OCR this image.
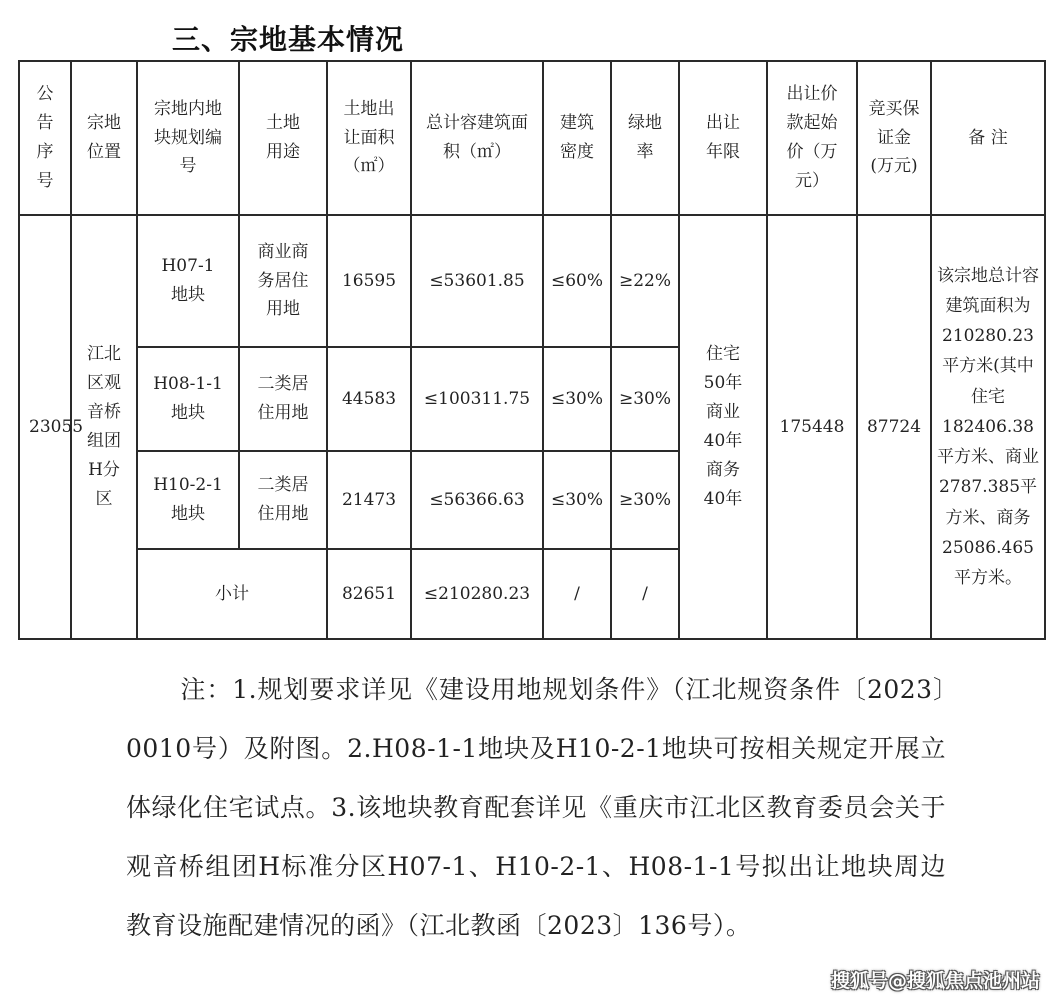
三、宗地基本情况
公告序号	宗地位置	宗地内地块规划编号	土地用途	土地出让面积（㎡）	总计容建筑面积（㎡）	建筑密度	绿地率	出让年限	出让价款起始价（万元）	竞买保证金(万元)	备 注
23055	江北区观音桥组团H分区	H07-1地块	商业商务居住用地	16595	≤53601.85	≤60%	≥22%	住宅50年商业40年商务40年	175448	87724	该宗地总计容建筑面积为210280.23平方米(其中住宅182406.38平方米、商业2787.385平方米、商务25086.465平方米。
		H08-1-1地块	二类居住用地	44583	≤100311.75	≤30%	≥30%				
		H10-2-1地块	二类居住用地	21473	≤56366.63	≤30%	≥30%				
		小计		82651	≤210280.23	/	/				
注：1.规划要求详见《建设用地规划条件》（江北规资条件〔2023〕0010号）及附图。2.H08-1-1地块及H10-2-1地块可按相关规定开展立体绿化住宅试点。3.该地块教育配套详见《重庆市江北区教育委员会关于观音桥组团H标准分区H07-1、H10-2-1、H08-1-1号拟出让地块周边教育设施配建情况的函》（江北教函〔2023〕136号）。
搜狐号@搜狐焦点池州站
